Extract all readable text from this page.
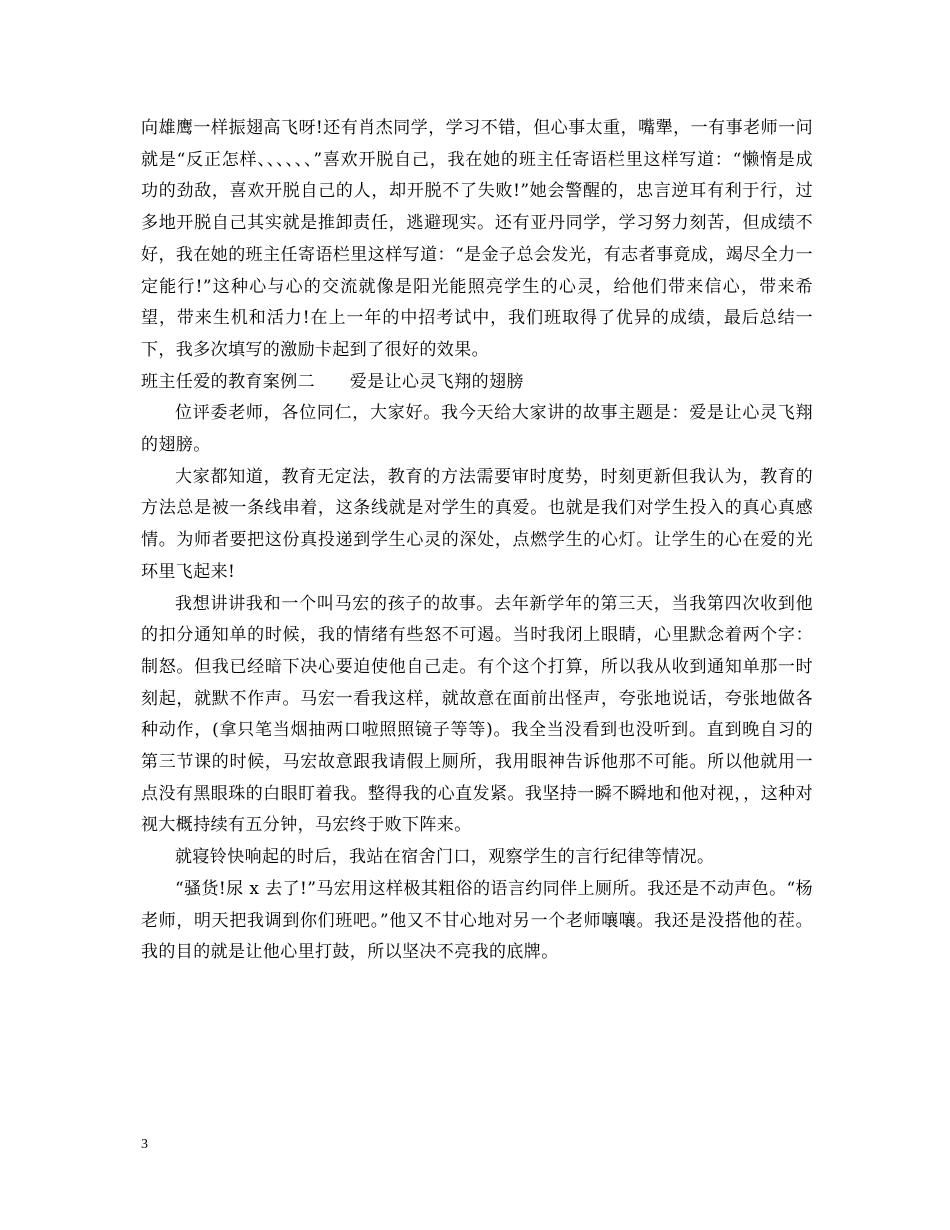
向雄鹰一样振翅高飞呀!还有肖杰同学，学习不错，但心事太重，嘴犟，一有事老师一问就是“反正怎样、、、、、、”喜欢开脱自己，我在她的班主任寄语栏里这样写道：“懒惰是成功的劲敌，喜欢开脱自己的人，却开脱不了失败!”她会警醒的，忠言逆耳有利于行，过多地开脱自己其实就是推卸责任，逃避现实。还有亚丹同学，学习努力刻苦，但成绩不好，我在她的班主任寄语栏里这样写道：“是金子总会发光，有志者事竟成，竭尽全力一定能行!”这种心与心的交流就像是阳光能照亮学生的心灵，给他们带来信心，带来希望，带来生机和活力!在上一年的中招考试中，我们班取得了优异的成绩，最后总结一下，我多次填写的激励卡起到了很好的效果。

班主任爱的教育案例二　　爱是让心灵飞翔的翅膀

位评委老师，各位同仁，大家好。我今天给大家讲的故事主题是：爱是让心灵飞翔的翅膀。

大家都知道，教育无定法，教育的方法需要审时度势，时刻更新但我认为，教育的方法总是被一条线串着，这条线就是对学生的真爱。也就是我们对学生投入的真心真感情。为师者要把这份真投递到学生心灵的深处，点燃学生的心灯。让学生的心在爱的光环里飞起来!

我想讲讲我和一个叫马宏的孩子的故事。去年新学年的第三天，当我第四次收到他的扣分通知单的时候，我的情绪有些怒不可遏。当时我闭上眼睛，心里默念着两个字：制怒。但我已经暗下决心要迫使他自己走。有个这个打算，所以我从收到通知单那一时刻起，就默不作声。马宏一看我这样，就故意在面前出怪声，夸张地说话，夸张地做各种动作，(拿只笔当烟抽两口啦照照镜子等等)。我全当没看到也没听到。直到晚自习的第三节课的时候，马宏故意跟我请假上厕所，我用眼神告诉他那不可能。所以他就用一点没有黑眼珠的白眼盯着我。整得我的心直发紧。我坚持一瞬不瞬地和他对视，，这种对视大概持续有五分钟，马宏终于败下阵来。

就寝铃快响起的时后，我站在宿舍门口，观察学生的言行纪律等情况。

“骚货!尿 x 去了!”马宏用这样极其粗俗的语言约同伴上厕所。我还是不动声色。“杨老师，明天把我调到你们班吧。”他又不甘心地对另一个老师嚷嚷。我还是没搭他的茬。我的目的就是让他心里打鼓，所以坚决不亮我的底牌。

3
